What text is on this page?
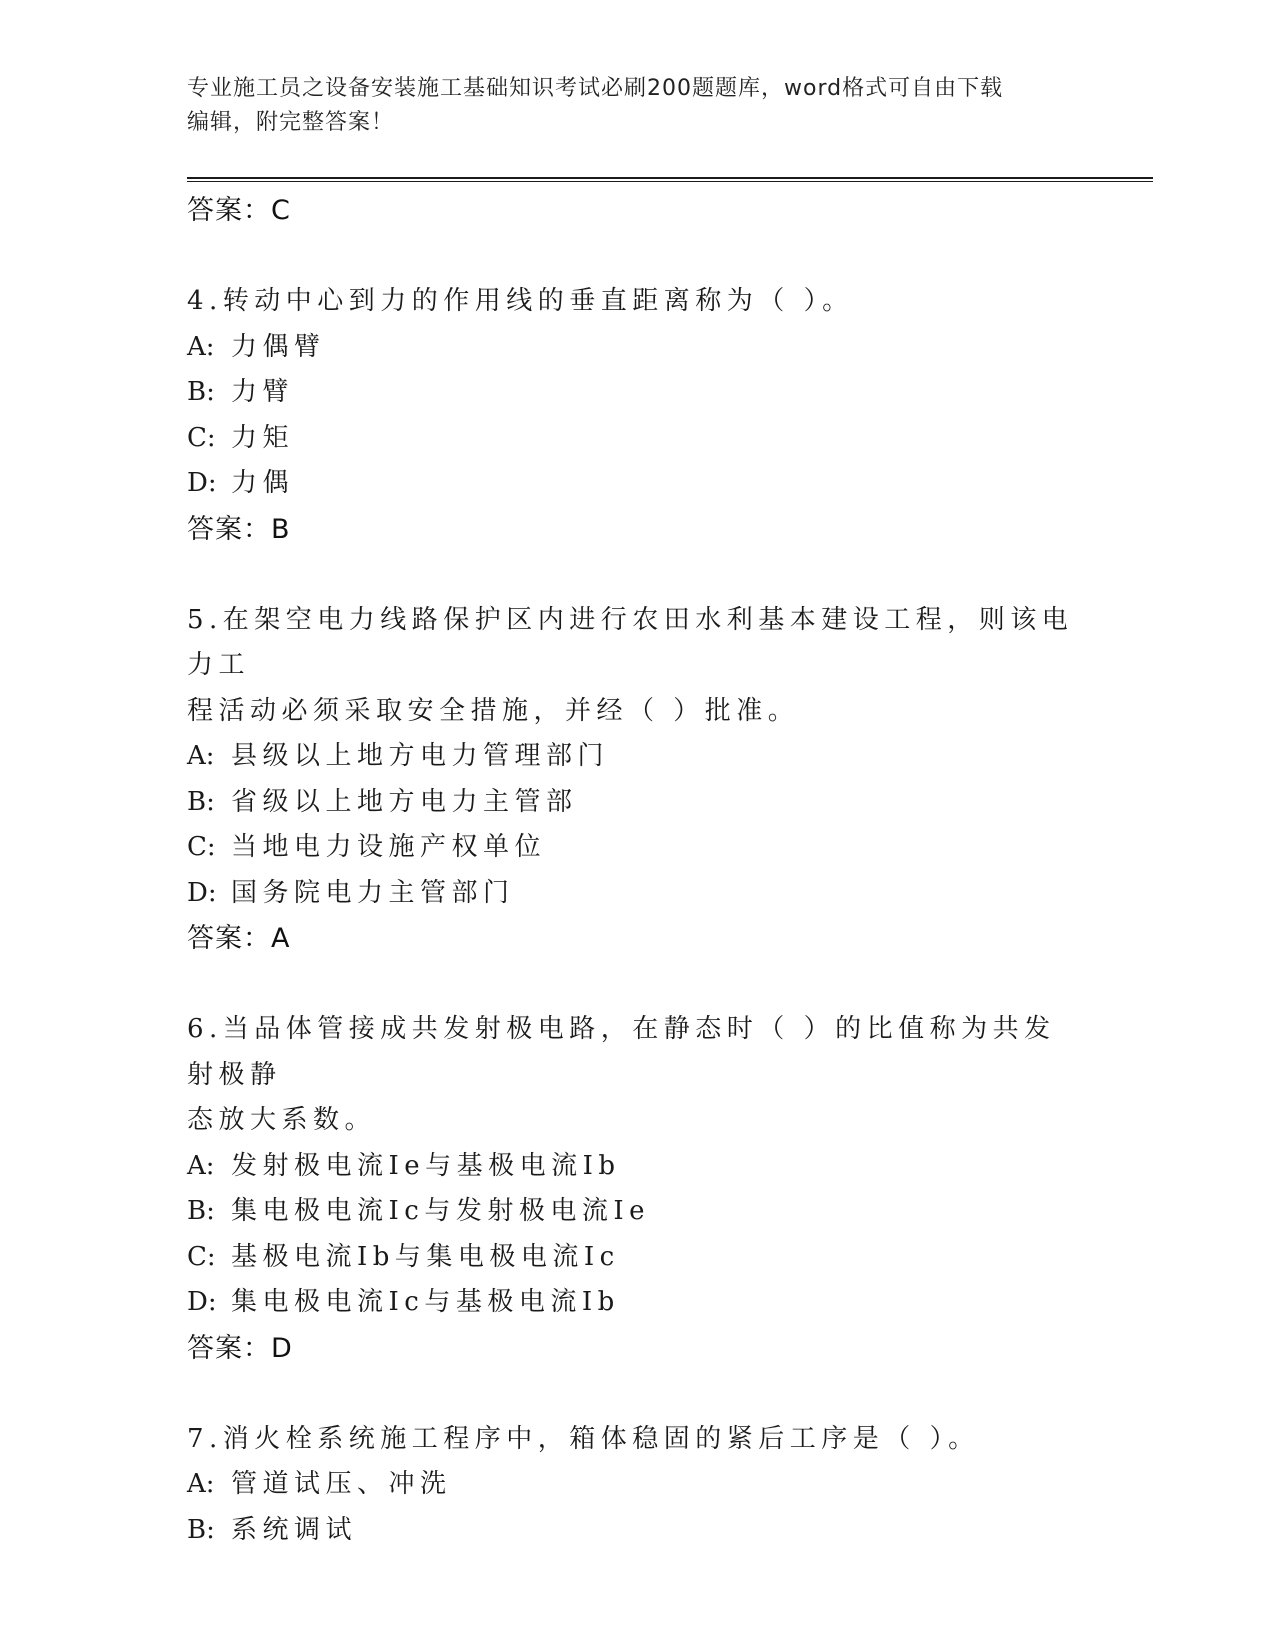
专业施工员之设备安装施工基础知识考试必刷200题题库，word格式可自由下载
编辑，附完整答案！
答案：C
4.转动中心到力的作用线的垂直距离称为（ ）。
A: 力偶臂
B: 力臂
C: 力矩
D: 力偶
答案：B
5.在架空电力线路保护区内进行农田水利基本建设工程，则该电力工
程活动必须采取安全措施，并经（ ）批准。
A: 县级以上地方电力管理部门
B: 省级以上地方电力主管部
C: 当地电力设施产权单位
D: 国务院电力主管部门
答案：A
6.当品体管接成共发射极电路，在静态时（ ）的比值称为共发射极静
态放大系数。
A: 发射极电流Ie与基极电流Ib
B: 集电极电流Ic与发射极电流Ie
C: 基极电流Ib与集电极电流Ic
D: 集电极电流Ic与基极电流Ib
答案：D
7.消火栓系统施工程序中，箱体稳固的紧后工序是（ ）。
A: 管道试压、冲洗
B: 系统调试
